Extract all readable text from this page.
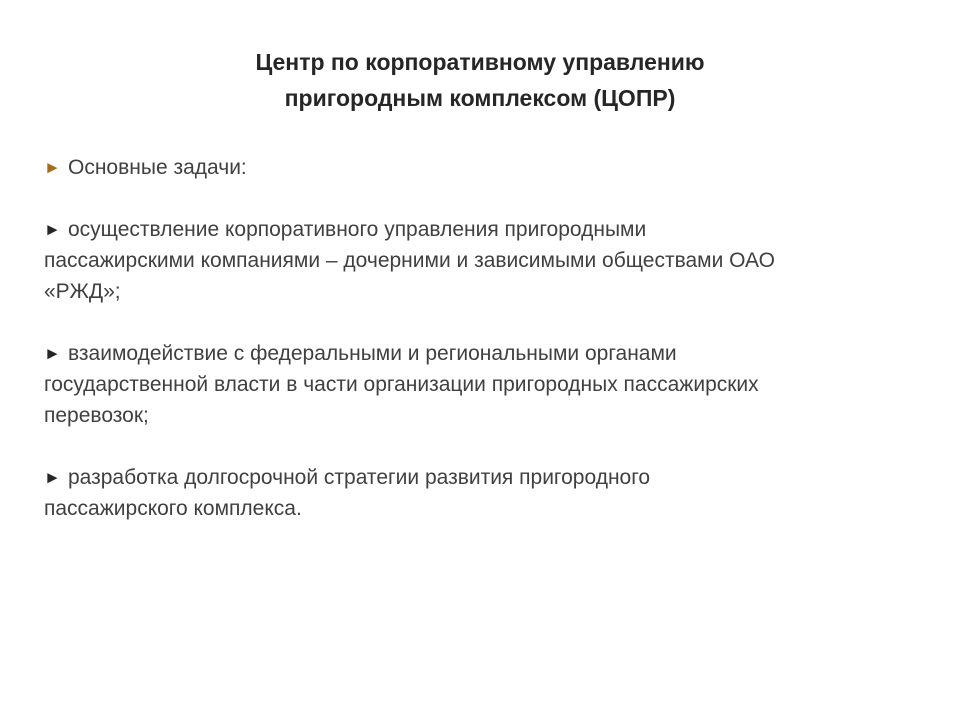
Центр по корпоративному управлению
пригородным комплексом (ЦОПР)
► Основные задачи:
► осуществление корпоративного управления пригородными
пассажирскими компаниями – дочерними и зависимыми обществами ОАО
«РЖД»;
► взаимодействие с федеральными и региональными органами
государственной власти в части организации пригородных пассажирских
перевозок;
► разработка долгосрочной стратегии развития пригородного
пассажирского комплекса.
